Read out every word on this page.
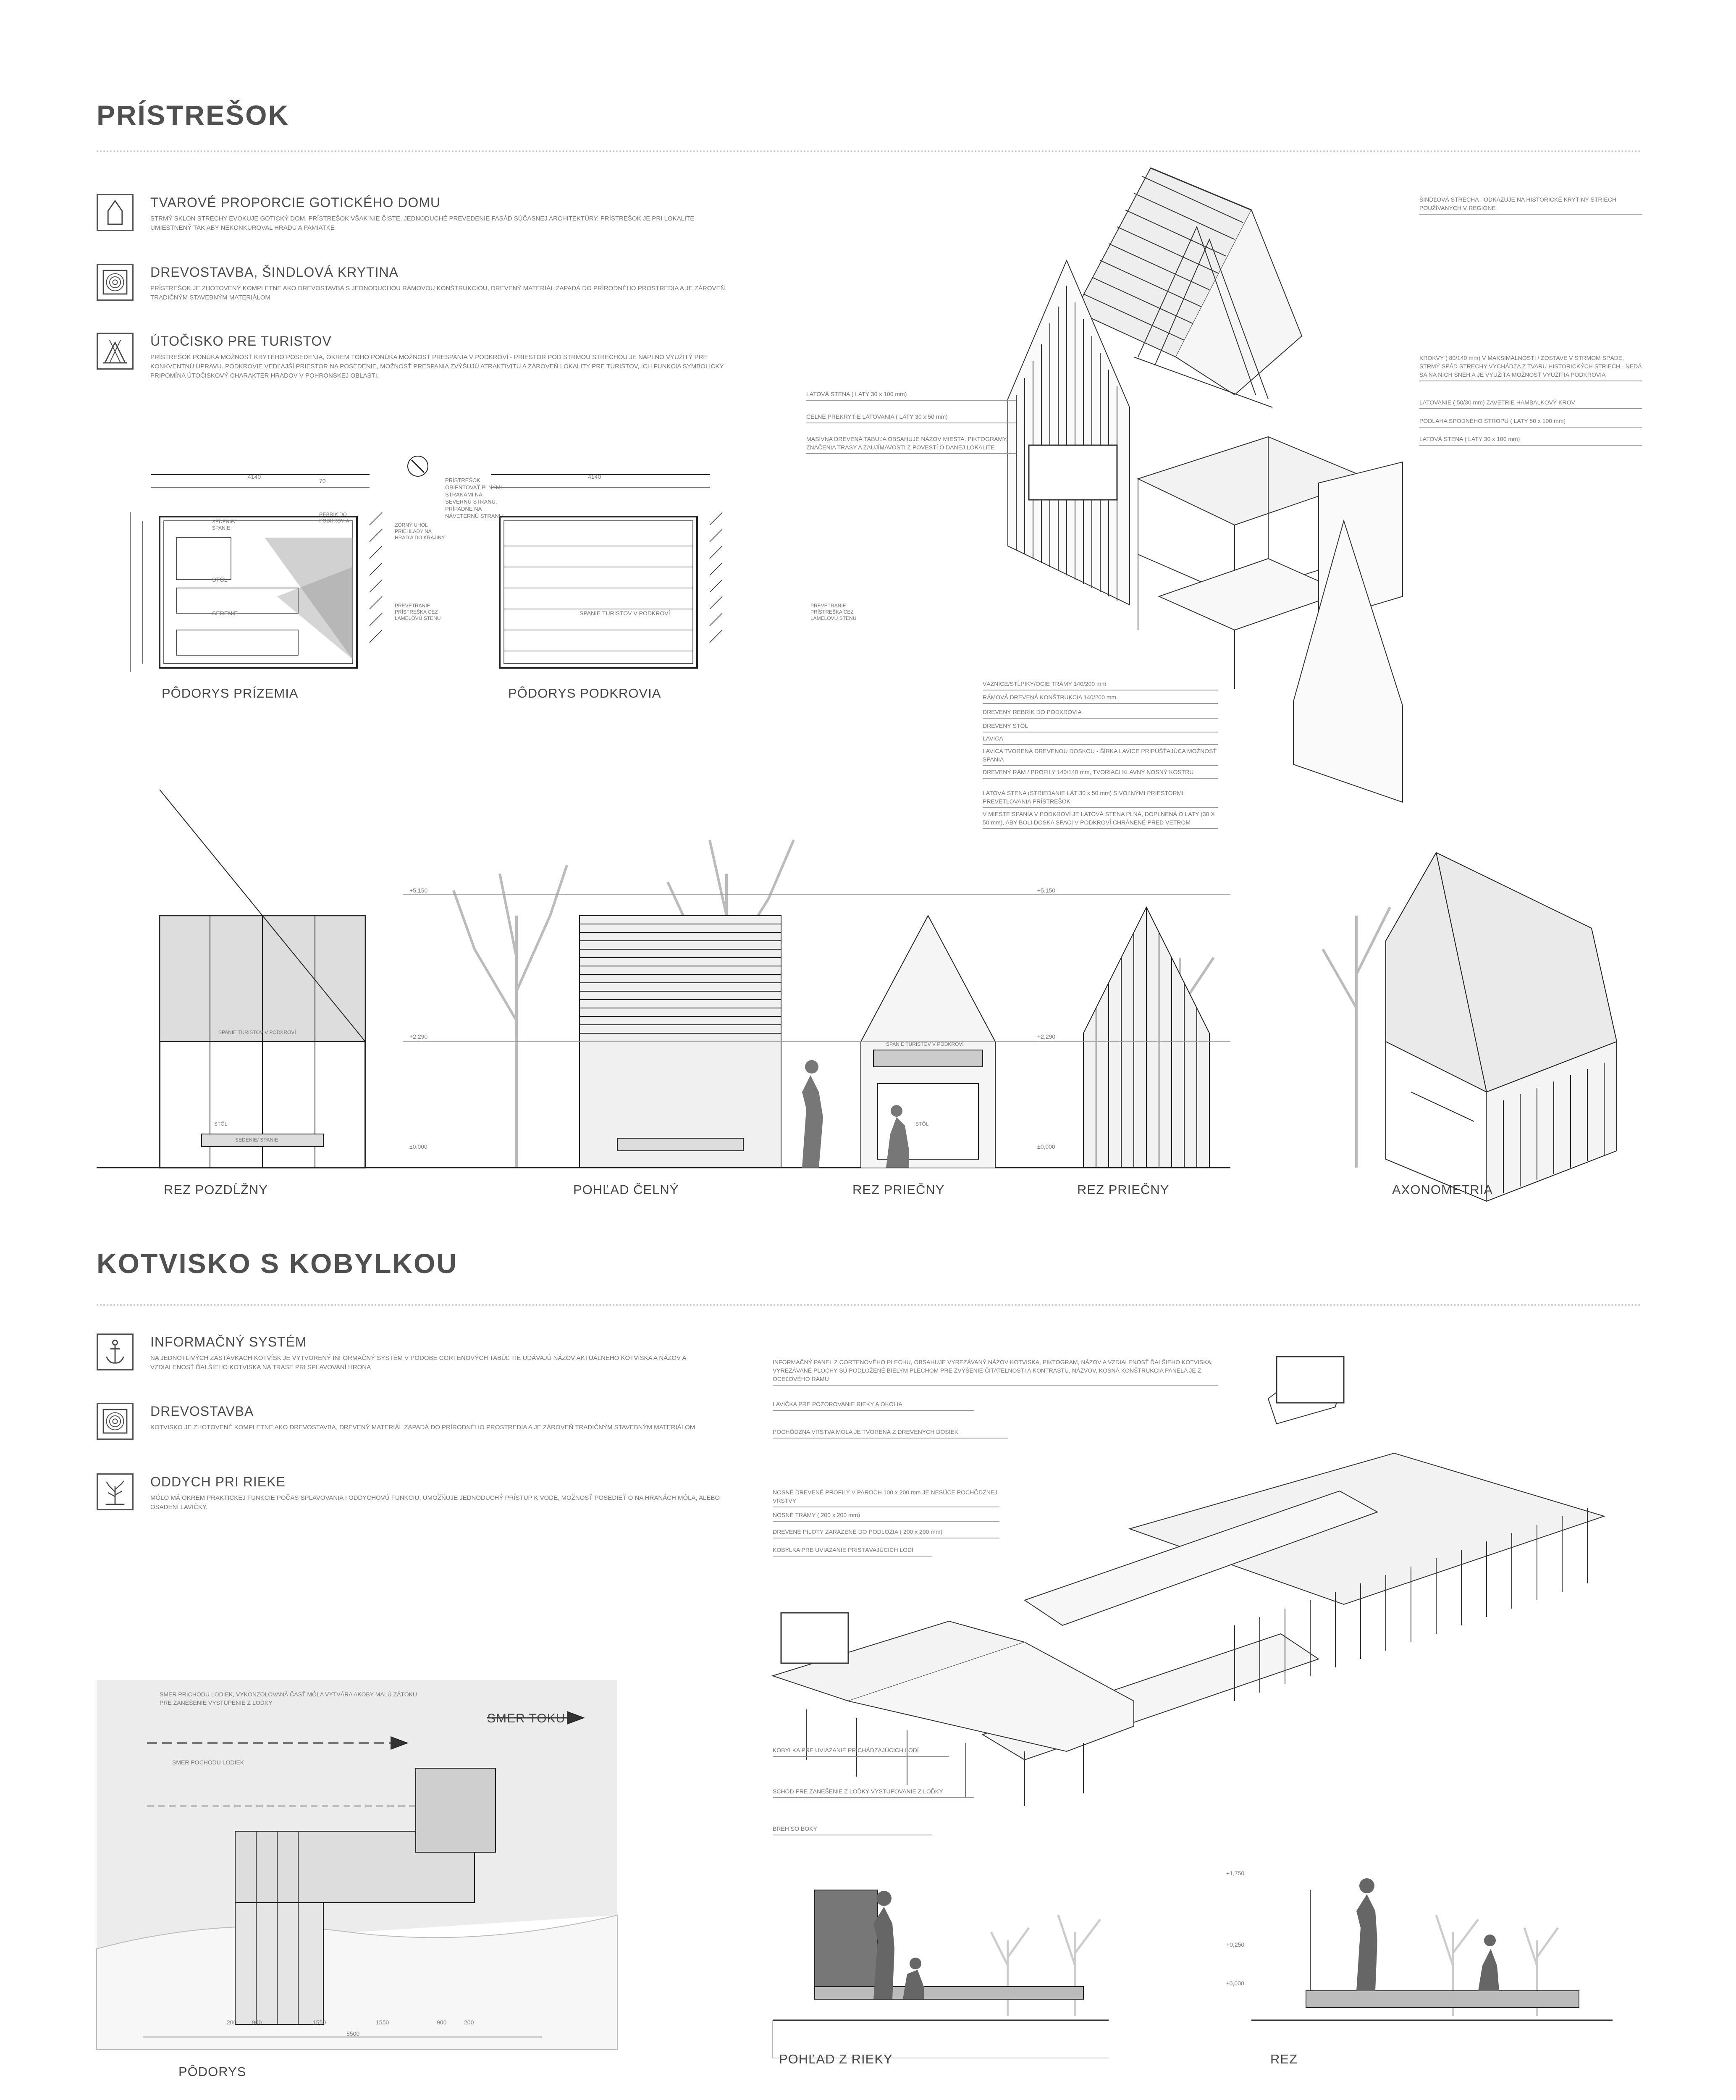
PRÍSTREŠOK
TVAROVÉ PROPORCIE GOTICKÉHO DOMU
STRMÝ SKLON STRECHY EVOKUJE GOTICKÝ DOM, PRÍSTREŠOK VŠAK NIE ČISTE, JEDNODUCHÉ PREVEDENIE FASÁD SÚČASNEJ ARCHITEKTÚRY. PRÍSTREŠOK JE PRI LOKALITE UMIESTNENÝ TAK ABY NEKONKUROVAL HRADU A PAMIATKE
DREVOSTAVBA, ŠINDLOVÁ KRYTINA
PRÍSTREŠOK JE ZHOTOVENÝ KOMPLETNE AKO DREVOSTAVBA S JEDNODUCHOU RÁMOVOU KONŠTRUKCIOU, DREVENÝ MATERIÁL ZAPADÁ DO PRÍRODNÉHO PROSTREDIA A JE ZÁROVEŇ TRADIČNÝM STAVEBNÝM MATERIÁLOM
ÚTOČISKO PRE TURISTOV
PRÍSTREŠOK PONÚKA MOŽNOSŤ KRYTÉHO POSEDENIA, OKREM TOHO PONÚKA MOŽNOSŤ PRESPANIA V PODKROVÍ - PRIESTOR POD STRMOU STRECHOU JE NAPLNO VYUŽITÝ PRE KONKVENTNÚ ÚPRAVU. PODKROVIE VEDĽAJŠÍ PRIESTOR NA POSEDENIE, MOŽNOSŤ PRESPANIA ZVÝŠUJÚ ATRAKTIVITU A ZÁROVEŇ LOKALITY PRE TURISTOV, ICH FUNKCIA SYMBOLICKY PRIPOMÍNA ÚTOČISKOVÝ CHARAKTER HRADOV V POHRONSKEJ OBLASTI.
4140	4140
70	PRÍSTREŠOK ORIENTOVAŤ PLNÝMI STRANAMI NA SEVERNÚ STRANU, PRÍPADNE NA NÁVETERNÚ STRANU
SEDENIE/ SPANIE
REBRÍK DO PODKROVIA
ZORNÝ UHOL PRIEHĽADY NA HRAD A DO KRAJINY
STÔL
SEDENIE
PREVETRANIE PRÍSTREŠKA CEZ LAMELOVÚ STENU
SPANIE TURISTOV V PODKROVÍ
PREVETRANIE PRÍSTREŠKA CEZ LAMELOVÚ STENU
PÔDORYS PRÍZEMIA	PÔDORYS PODKROVIA
ŠINDĽOVÁ STRECHA - ODKAZUJE NA HISTORICKÉ KRYTINY STRIECH POUŽÍVANÝCH V REGIÓNE
KROKVY ( 80/140 mm) V MAKSIMÁLNOSTI / ZOSTAVE V STRMOM SPÁDE, STRMÝ SPÁD STRECHY VYCHÁDZA Z TVARU HISTORICKÝCH STRIECH - NEDÁ SA NA NICH SNEH A JE VYUŽITÁ MOŽNOSŤ VYUŽITIA PODKROVIA
LATOVANIE ( 50/30 mm) ZAVETRIE HAMBALKOVÝ KROV
PODLAHA SPODNÉHO STROPU ( LATY 50 x 100 mm)
LATOVÁ STENA ( LATY 30 x 100 mm)
LATOVÁ STENA ( LATY 30 x 100 mm)
ČELNÉ PREKRYTIE LATOVANIA ( LATY 30 x 50 mm)
MASÍVNA DREVENÁ TABUĽA OBSAHUJE NÁZOV MIESTA, PIKTOGRAMY, ZNAČENIA TRASY A ZAUJÍMAVOSTI Z POVESTÍ O DANEJ LOKALITE
VÄZNICE/STĹPIKY/OCIE TRÁMY 140/200 mm
RÁMOVÁ DREVENÁ KONŠTRUKCIA 140/200 mm
DREVENÝ REBRÍK DO PODKROVIA
DREVENÝ STÔL
LAVICA
LAVICA TVORENÁ DREVENOU DOSKOU - ŠÍRKA LAVICE PRIPÚŠŤAJÚCA MOŽNOSŤ SPANIA
DREVENÝ RÁM / PROFILY 140/140 mm, TVORIACI KLAVNÝ NOSNÝ KOSTRU
LATOVÁ STENA (STRIEDANIE LÁT 30 x 50 mm) S VOĽNÝMI PRIESTORMI PREVETLOVANIA PRÍSTREŠOK
V MIESTE SPANIA V PODKROVÍ JE LATOVÁ STENA PLNÁ, DOPLNENÁ O LATY (30 X 50 mm), ABY BOLI DOSKA SPACI V PODKROVÍ CHRÁNENÉ PRED VETROM
+5,150	+5,150
+2,290	+2,290
±0,000	±0,000
SPANIE TURISTOV V PODKROVÍ
SPANIE TURISTOV V PODKROVÍ
STÔL
SEDENIE/ SPANIE
STÔL
REZ POZDĹŽNY	POHĽAD ČELNÝ	REZ PRIEČNY	REZ PRIEČNY	AXONOMETRIA
KOTVISKO S KOBYLKOU
INFORMAČNÝ SYSTÉM
NA JEDNOTLIVÝCH ZASTÁVKACH KOTVÍSK JE VYTVORENÝ INFORMAČNÝ SYSTÉM V PODOBE CORTENOVÝCH TABÚĽ TIE UDÁVAJÚ NÁZOV AKTUÁLNEHO KOTVISKA A NÁZOV A VZDIALENOSŤ ĎALŠIEHO KOTVISKA NA TRASE PRI SPLAVOVANÍ HRONA
DREVOSTAVBA
KOTVISKO JE ZHOTOVENÉ KOMPLETNE AKO DREVOSTAVBA, DREVENÝ MATERIÁL ZAPADÁ DO PRÍRODNÉHO PROSTREDIA A JE ZÁROVEŇ TRADIČNÝM STAVEBNÝM MATERIÁLOM
ODDYCH PRI RIEKE
MÓLO MÁ OKREM PRAKTICKEJ FUNKCIE POČAS SPLAVOVANIA I ODDYCHOVÚ FUNKCIU, UMOŽŇUJE JEDNODUCHÝ PRÍSTUP K VODE, MOŽNOSŤ POSEDIEŤ O NA HRANÁCH MÓLA, ALEBO OSADENÍ LAVIČKY.
INFORMAČNÝ PANEL Z CORTENOVÉHO PLECHU, OBSAHUJE VYREZÁVANÝ NÁZOV KOTVISKA, PIKTOGRAM, NÁZOV A VZDIALENOSŤ ĎALŠIEHO KOTVISKA, VYREZÁVANÉ PLOCHY SÚ PODLOŽENÉ BIELYM PLECHOM PRE ZVÝŠENIE ČITATEĽNOSTI A KONTRASTU, NÁZVOV, KOSNÁ KONŠTRUKCIA PANELA JE Z OCEĽOVÉHO RÁMU
LAVIČKA PRE POZOROVANIE RIEKY A OKOLIA
POCHÔDZNA VRSTVA MÓLA JE TVORENÁ Z DREVENÝCH DOSIEK
NOSNÉ DREVENÉ PROFILY V PAROCH 100 x 200 mm JE NESÚCE POCHÔDZNEJ VRSTVY
NOSNÉ TRÁMY ( 200 x 200 mm)
DREVENÉ PILOTY ZARAZENÉ DO PODLOŽIA ( 200 x 200 mm)
KOBYLKA PRE UVIAZANIE PRISTÁVAJÚCICH LODÍ
KOBYLKA PRE UVIAZANIE PRICHÁDZAJÚCICH LODÍ
SCHOD PRE ZANEŠENIE Z LOĎKY VYSTUPOVANIE Z LOĎKY
BREH SO BOKY
SMER PRICHODU LODIEK, VYKONZOLOVANÁ ČASŤ MÓLA VYTVÁRA AKOBY MALÚ ZÁTOKU PRE ZANEŠENIE VYSTÚPENIE Z LOĎKY
SMER TOKU
SMER POCHODU LODIEK
200	900	1550	1550	900	200
5500
PÔDORYS
+1,750
+0,250
±0,000
POHĽAD Z RIEKY	REZ
